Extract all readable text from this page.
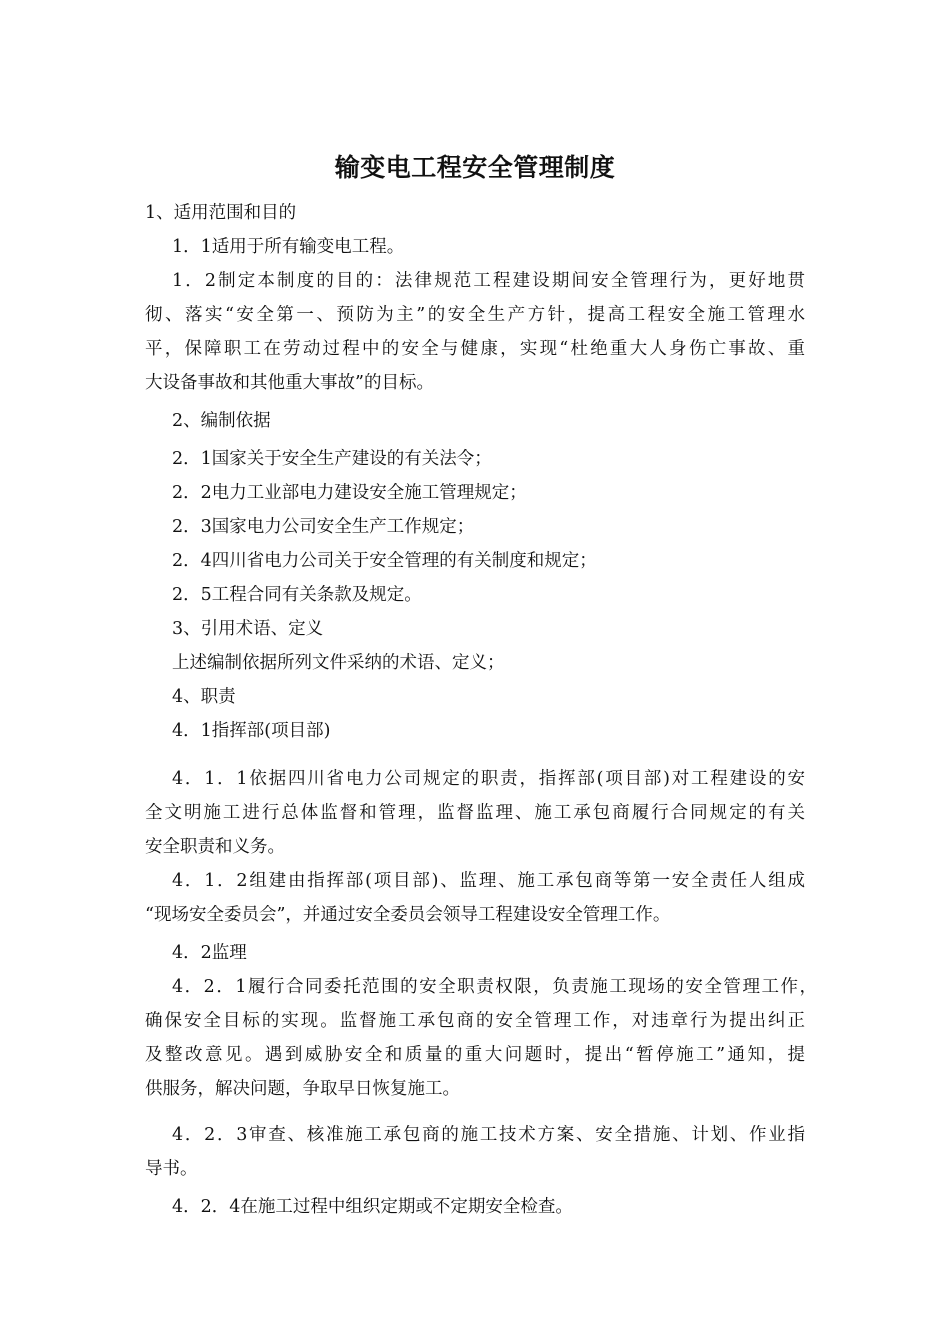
输变电工程安全管理制度
1、适用范围和目的
1．1适用于所有输变电工程。
1．2制定本制度的目的：法律规范工程建设期间安全管理行为，更好地贯
彻、落实“安全第一、预防为主”的安全生产方针，提高工程安全施工管理水
平，保障职工在劳动过程中的安全与健康，实现“杜绝重大人身伤亡事故、重
大设备事故和其他重大事故”的目标。
2、编制依据
2．1国家关于安全生产建设的有关法令；
2．2电力工业部电力建设安全施工管理规定；
2．3国家电力公司安全生产工作规定；
2．4四川省电力公司关于安全管理的有关制度和规定；
2．5工程合同有关条款及规定。
3、引用术语、定义
上述编制依据所列文件采纳的术语、定义；
4、职责
4．1指挥部(项目部)
4．1．1依据四川省电力公司规定的职责，指挥部(项目部)对工程建设的安
全文明施工进行总体监督和管理，监督监理、施工承包商履行合同规定的有关
安全职责和义务。
4．1．2组建由指挥部(项目部)、监理、施工承包商等第一安全责任人组成
“现场安全委员会”，并通过安全委员会领导工程建设安全管理工作。
4．2监理
4．2．1履行合同委托范围的安全职责权限，负责施工现场的安全管理工作，
确保安全目标的实现。监督施工承包商的安全管理工作，对违章行为提出纠正
及整改意见。遇到威胁安全和质量的重大问题时，提出“暂停施工”通知，提
供服务，解决问题，争取早日恢复施工。
4．2．3审查、核准施工承包商的施工技术方案、安全措施、计划、作业指
导书。
4．2．4在施工过程中组织定期或不定期安全检查。
